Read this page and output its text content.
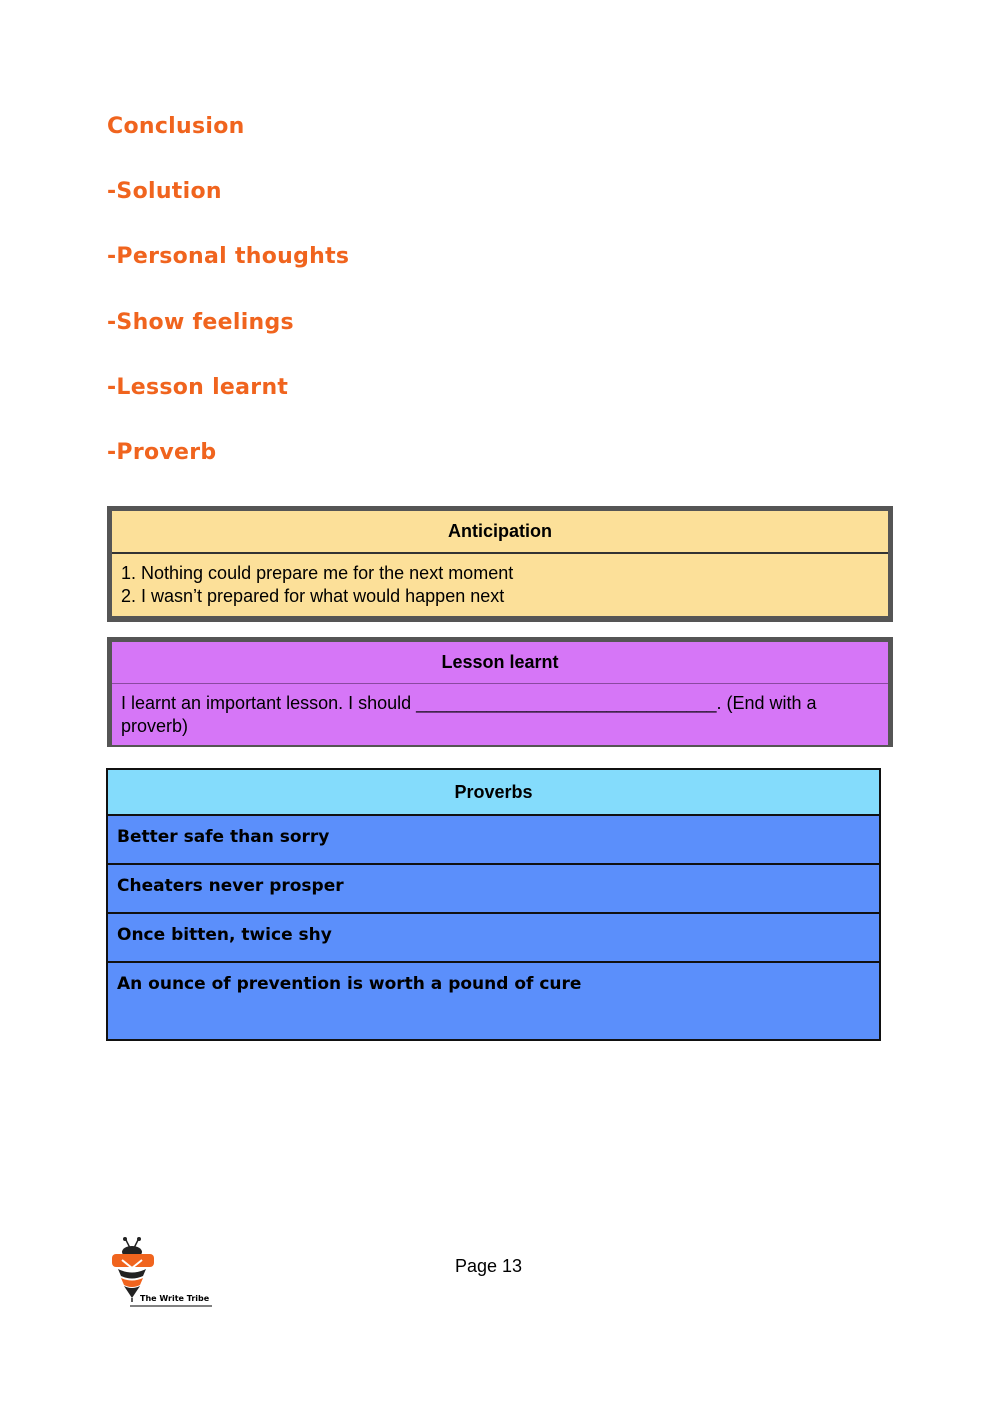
Conclusion
-Solution
-Personal thoughts
-Show feelings
-Lesson learnt
-Proverb
Anticipation
1. Nothing could prepare me for the next moment
2. I wasn’t prepared for what would happen next
Lesson learnt
I learnt an important lesson. I should ______________________________. (End with a proverb)
Proverbs
Better safe than sorry
Cheaters never prosper
Once bitten, twice shy
An ounce of prevention is worth a pound of cure
The Write Tribe
Page 13
